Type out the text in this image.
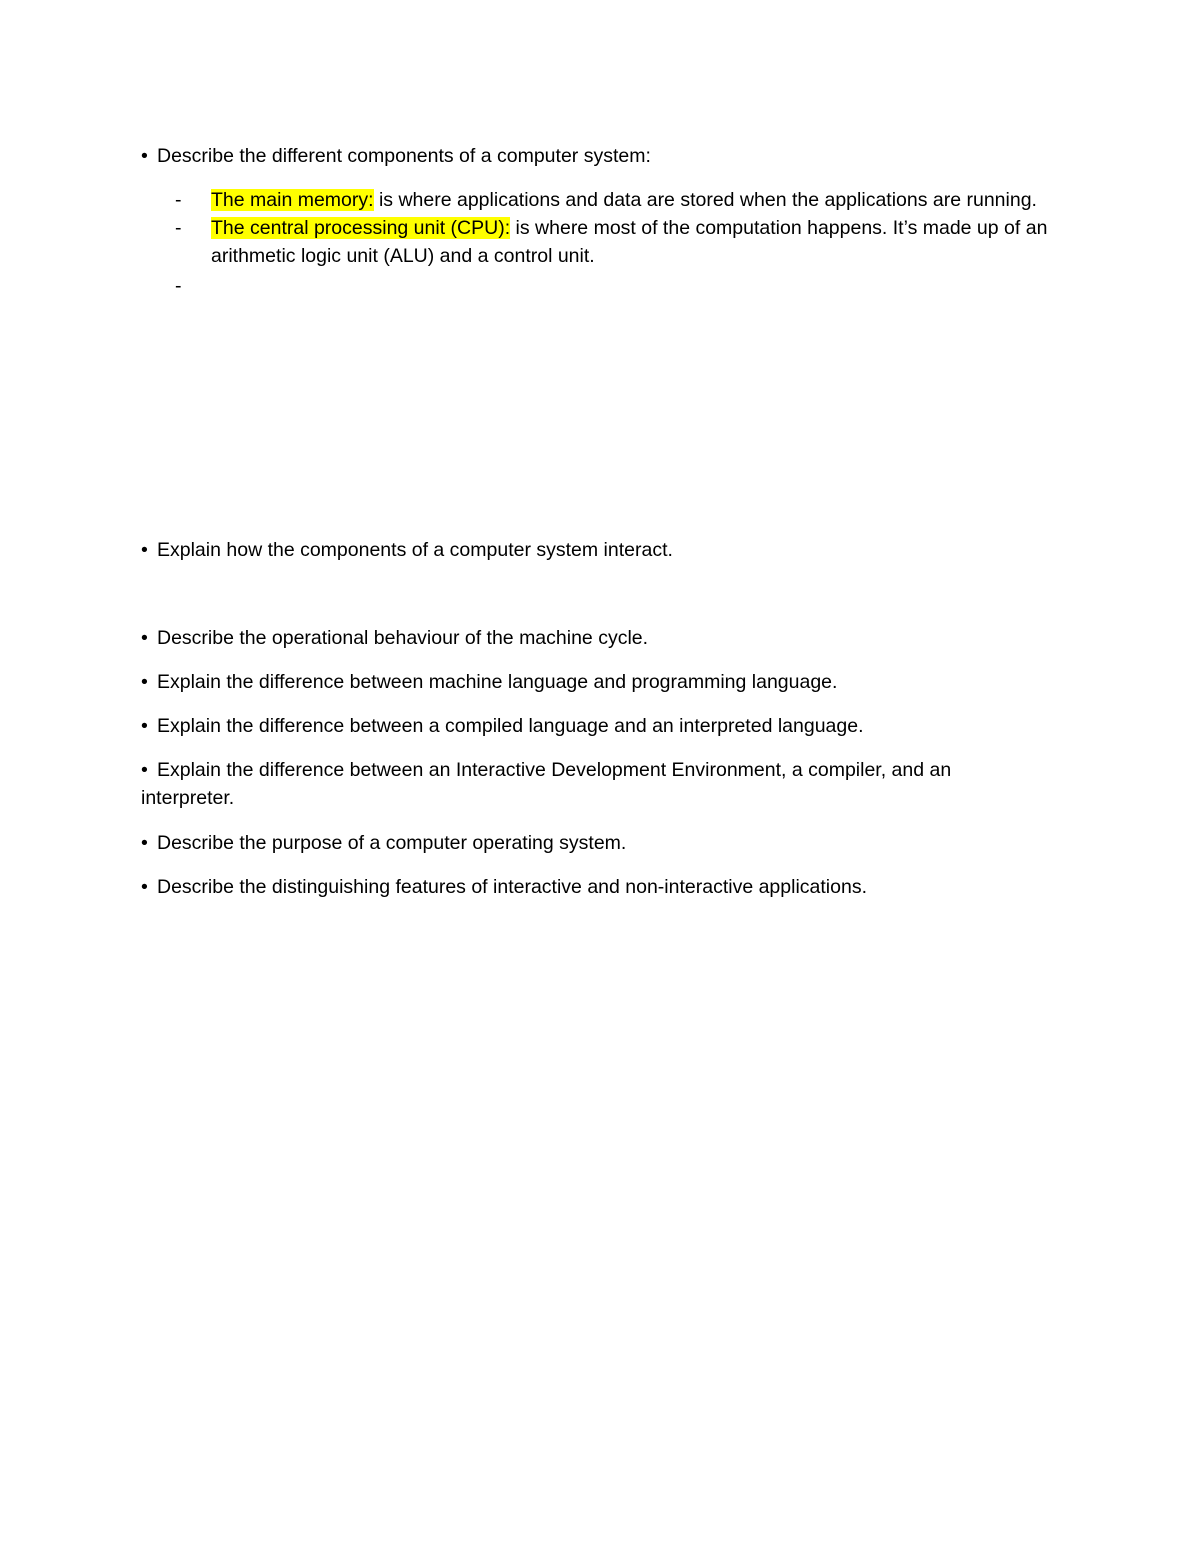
• Describe the different components of a computer system:

- The main memory: is where applications and data are stored when the applications are running.

- The central processing unit (CPU): is where most of the computation happens. It’s made up of an

arithmetic logic unit (ALU) and a control unit.

-

• Explain how the components of a computer system interact.

• Describe the operational behaviour of the machine cycle.

• Explain the difference between machine language and programming language.

• Explain the difference between a compiled language and an interpreted language.

• Explain the difference between an Interactive Development Environment, a compiler, and an

interpreter.

• Describe the purpose of a computer operating system.

• Describe the distinguishing features of interactive and non-interactive applications.
